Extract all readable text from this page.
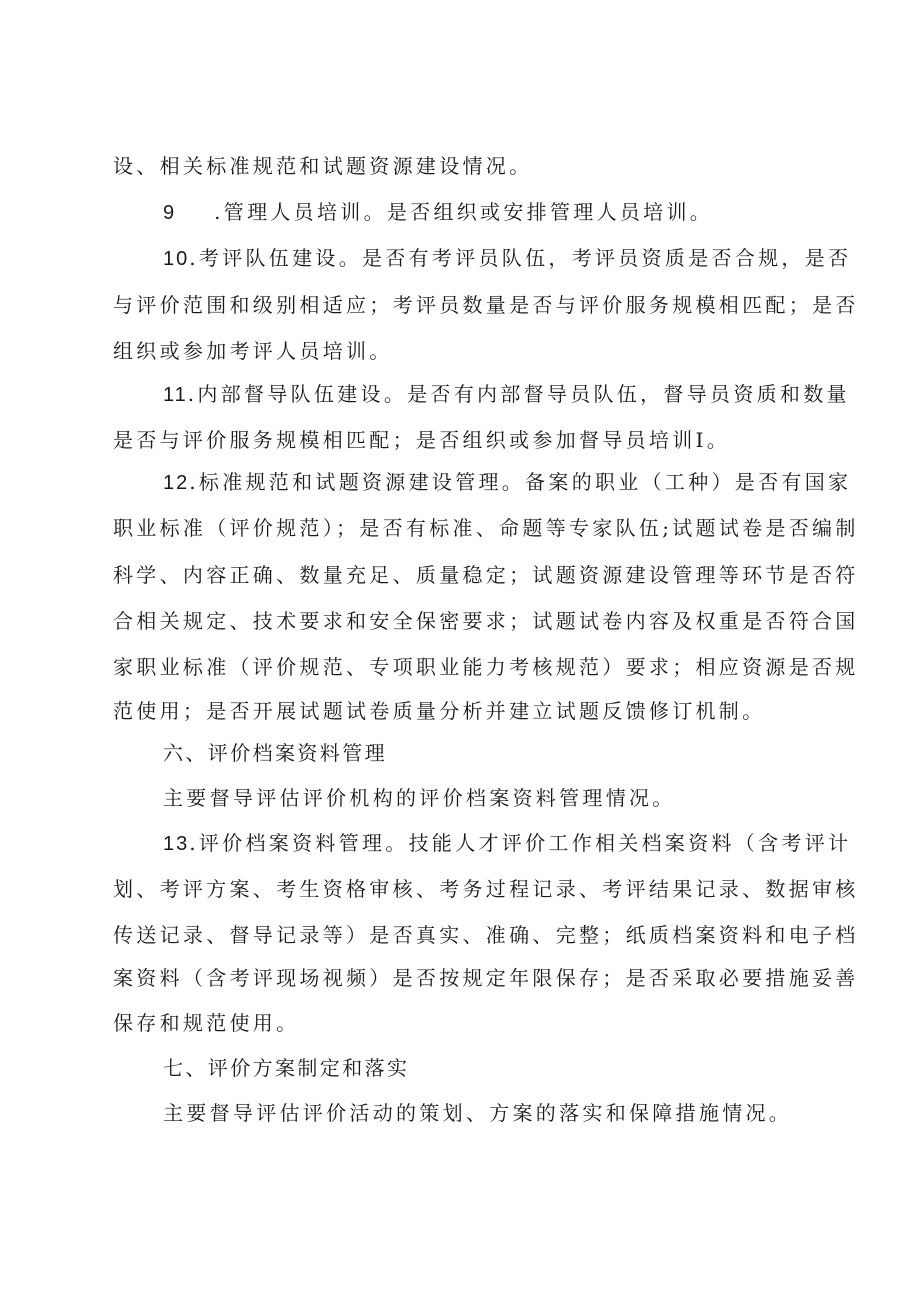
设、相关标准规范和试题资源建设情况。
9 .管理人员培训。是否组织或安排管理人员培训。
10.考评队伍建设。是否有考评员队伍，考评员资质是否合规，是否
与评价范围和级别相适应；考评员数量是否与评价服务规模相匹配；是否
组织或参加考评人员培训。
11.内部督导队伍建设。是否有内部督导员队伍，督导员资质和数量
是否与评价服务规模相匹配；是否组织或参加督导员培训I。
12.标准规范和试题资源建设管理。备案的职业（工种）是否有国家
职业标准（评价规范）；是否有标准、命题等专家队伍;试题试卷是否编制
科学、内容正确、数量充足、质量稳定；试题资源建设管理等环节是否符
合相关规定、技术要求和安全保密要求；试题试卷内容及权重是否符合国
家职业标准（评价规范、专项职业能力考核规范）要求；相应资源是否规
范使用；是否开展试题试卷质量分析并建立试题反馈修订机制。
六、评价档案资料管理
主要督导评估评价机构的评价档案资料管理情况。
13.评价档案资料管理。技能人才评价工作相关档案资料（含考评计
划、考评方案、考生资格审核、考务过程记录、考评结果记录、数据审核
传送记录、督导记录等）是否真实、准确、完整；纸质档案资料和电子档
案资料（含考评现场视频）是否按规定年限保存；是否采取必要措施妥善
保存和规范使用。
七、评价方案制定和落实
主要督导评估评价活动的策划、方案的落实和保障措施情况。
